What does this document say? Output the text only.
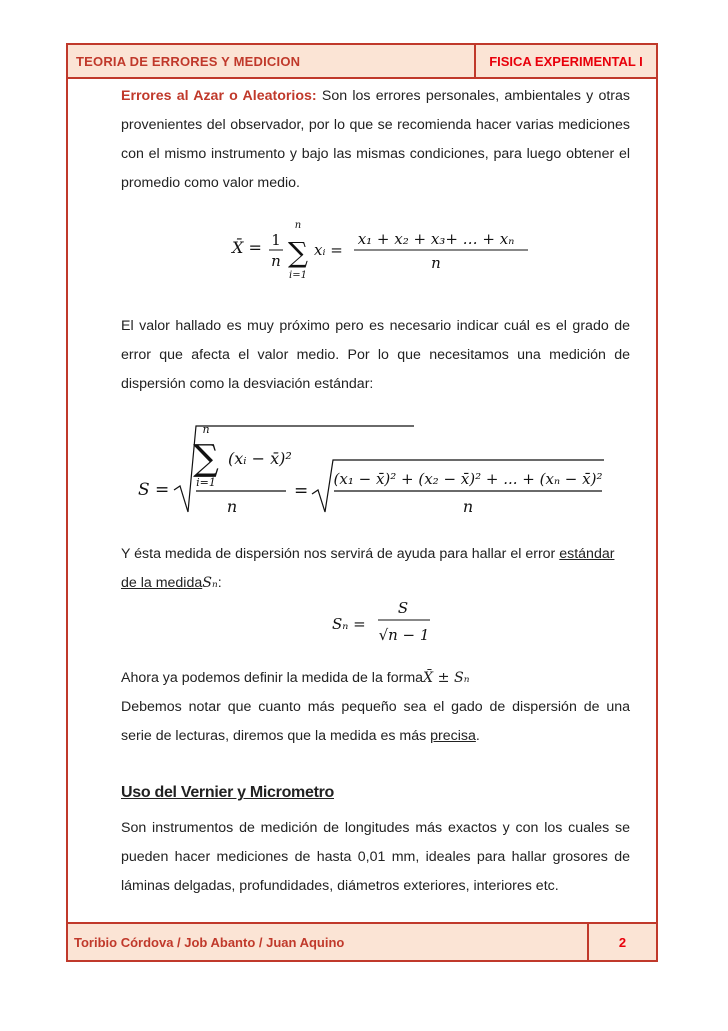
TEORIA DE ERRORES Y MEDICION	FISICA EXPERIMENTAL I
Errores al Azar o Aleatorios: Son los errores personales, ambientales y otras
provenientes del observador, por lo que se recomienda hacer varias mediciones
con el mismo instrumento y bajo las mismas condiciones, para luego obtener el
promedio como valor medio.
X̄ = 1
n
n
∑
i=1
xᵢ =
x₁ + x₂ + x₃+ … + xₙ
n
El valor hallado es muy próximo pero es necesario indicar cuál es el grado de
error que afecta el valor medio. Por lo que necesitamos una medición de
dispersión como la desviación estándar:
S =
n
∑
i=1
(xᵢ − x̄)²
n
=
(x₁ − x̄)² + (x₂ − x̄)² + ... + (xₙ − x̄)²
n
Y ésta medida de dispersión nos servirá de ayuda para hallar el error estándar
de la medidaSₙ:
Sₙ =
S
√n − 1
Ahora ya podemos definir la medida de la formaX̄ ± Sₙ
Debemos notar que cuanto más pequeño sea el gado de dispersión de una
serie de lecturas, diremos que la medida es más precisa.
Uso del Vernier y Micrometro
Son instrumentos de medición de longitudes más exactos y con los cuales se
pueden hacer mediciones de hasta 0,01 mm, ideales para hallar grosores de
láminas delgadas, profundidades, diámetros exteriores, interiores etc.
Toribio Córdova / Job Abanto / Juan Aquino	2
